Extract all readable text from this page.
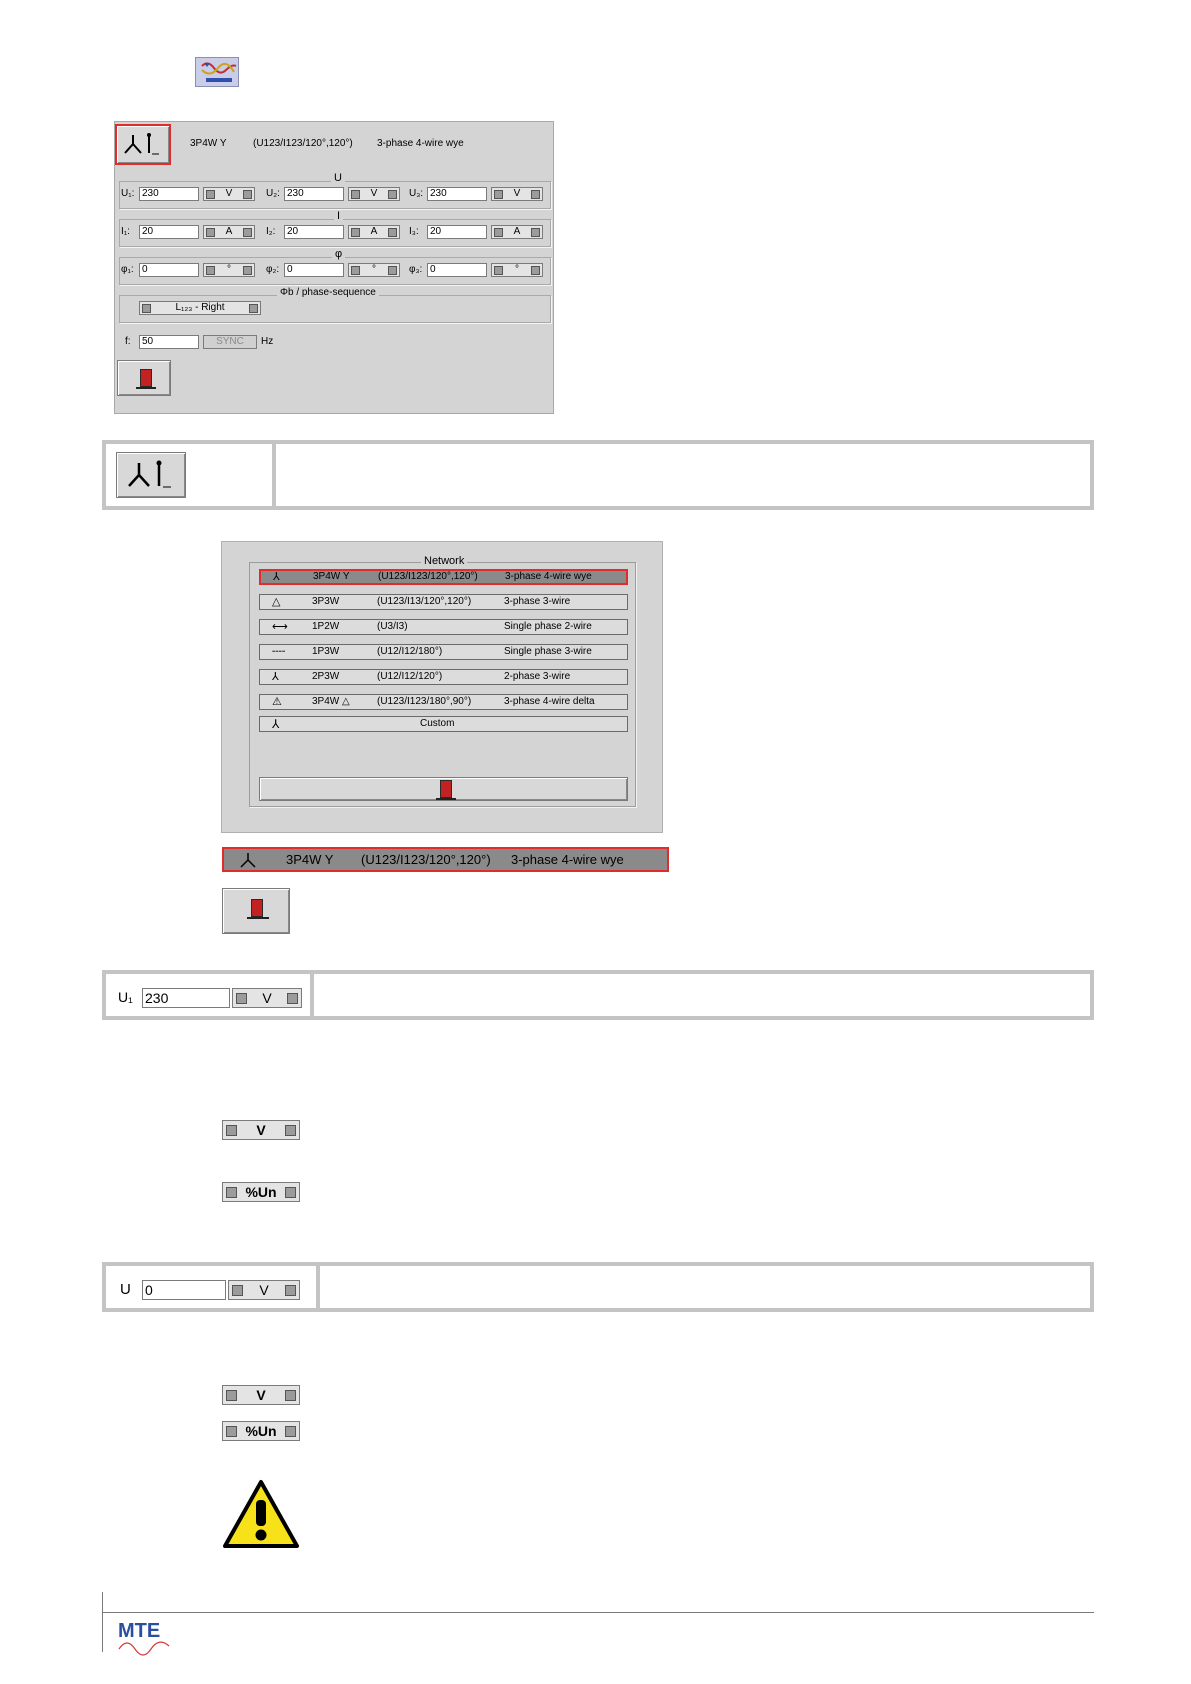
3P4W Y	(U123/I123/120°,120°) 3-phase 4-wire wye
U
I
φ
Φb / phase-sequence
U₁: 230	V	U₂: 230	V	U₃: 230	V
I₁:	20	A	I₂:	20	A	I₃:	20	A
φ₁: 0	°	φ₂: 0	°	φ₃: 0	°
L₁₂₃ - Right
f:	50	SYNC	Hz
Network
⅄	3P4W Y	(U123/I123/120°,120°)	3-phase 4-wire wye
△	3P3W	(U123/I13/120°,120°)	3-phase 3-wire
⟷ 1P2W	(U3/I3)	Single phase 2-wire
╌╌	1P3W	(U12/I12/180°)	Single phase 3-wire
⅄	2P3W	(U12/I12/120°)	2-phase 3-wire
⚠	3P4W △	(U123/I123/180°,90°)	3-phase 4-wire delta
⅄	Custom
3P4W Y (U123/I123/120°,120°) 3-phase 4-wire wye
U₁ 230	V
V
%Un
U 0	V
V
%Un
MTE
